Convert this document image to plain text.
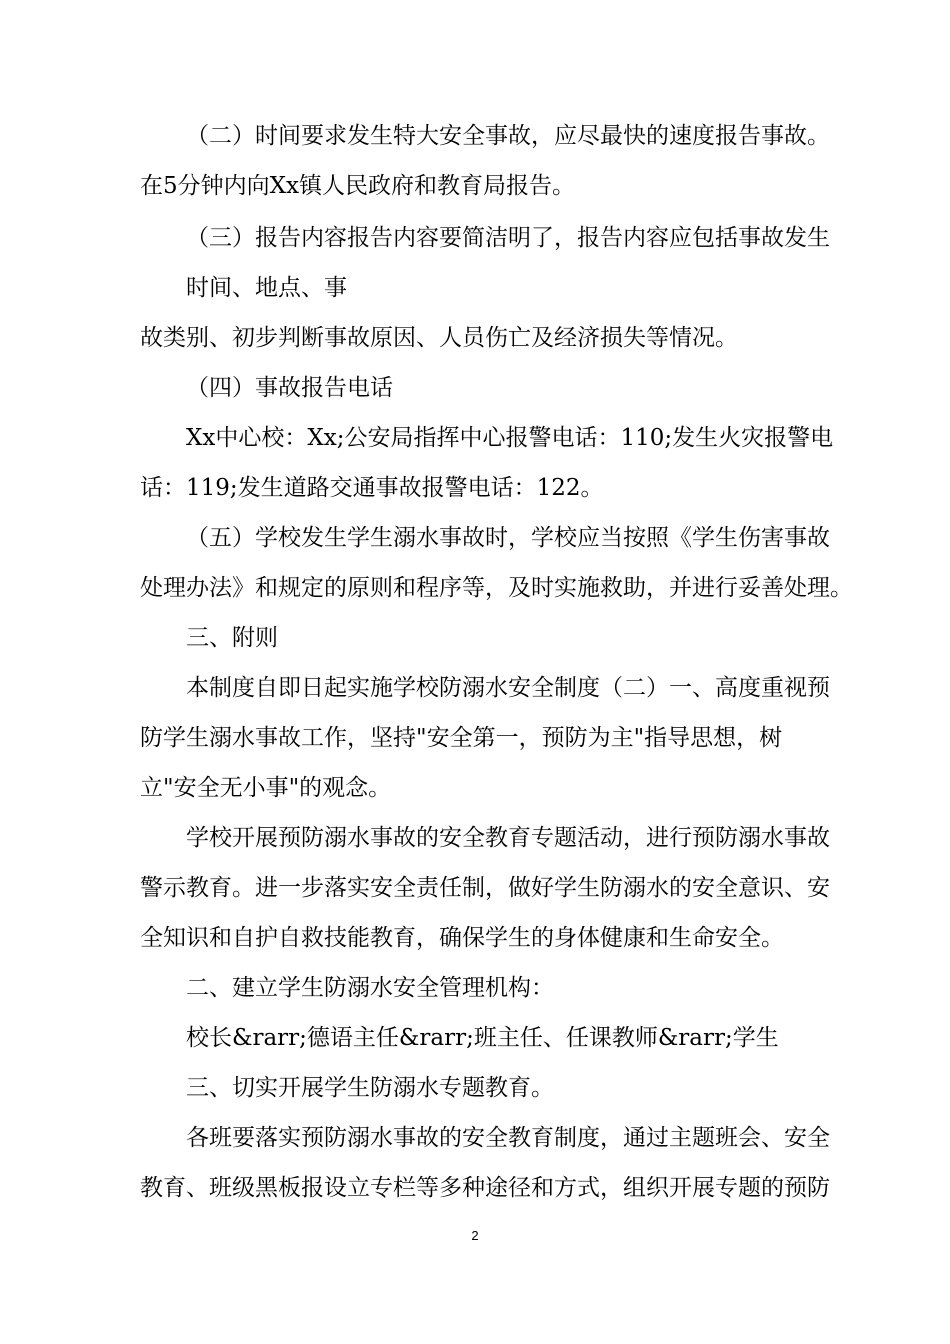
（二）时间要求发生特大安全事故，应尽最快的速度报告事故。
在5分钟内向Xx镇人民政府和教育局报告。
（三）报告内容报告内容要简洁明了，报告内容应包括事故发生
时间、地点、事
故类别、初步判断事故原因、人员伤亡及经济损失等情况。
（四）事故报告电话
Xx中心校：Xx;公安局指挥中心报警电话：110;发生火灾报警电
话：119;发生道路交通事故报警电话：122。
（五）学校发生学生溺水事故时，学校应当按照《学生伤害事故
处理办法》和规定的原则和程序等，及时实施救助，并进行妥善处理。
三、附则
本制度自即日起实施学校防溺水安全制度（二）一、高度重视预
防学生溺水事故工作，坚持"安全第一，预防为主"指导思想，树
立"安全无小事"的观念。
学校开展预防溺水事故的安全教育专题活动，进行预防溺水事故
警示教育。进一步落实安全责任制，做好学生防溺水的安全意识、安
全知识和自护自救技能教育，确保学生的身体健康和生命安全。
二、建立学生防溺水安全管理机构：
校长&rarr;德语主任&rarr;班主任、任课教师&rarr;学生
三、切实开展学生防溺水专题教育。
各班要落实预防溺水事故的安全教育制度，通过主题班会、安全
教育、班级黑板报设立专栏等多种途径和方式，组织开展专题的预防
2
